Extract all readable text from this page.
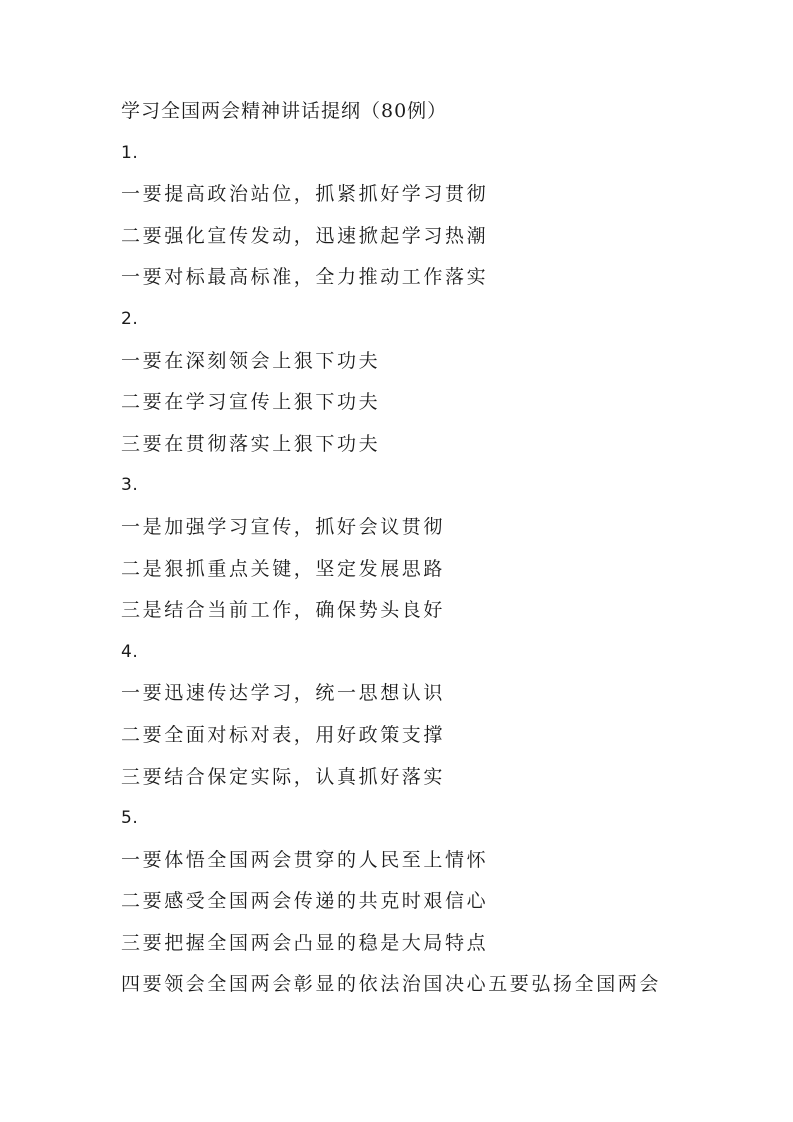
学习全国两会精神讲话提纲（80例）
1.
一要提高政治站位，抓紧抓好学习贯彻
二要强化宣传发动，迅速掀起学习热潮
一要对标最高标准，全力推动工作落实
2.
一要在深刻领会上狠下功夫
二要在学习宣传上狠下功夫
三要在贯彻落实上狠下功夫
3.
一是加强学习宣传，抓好会议贯彻
二是狠抓重点关键，坚定发展思路
三是结合当前工作，确保势头良好
4.
一要迅速传达学习，统一思想认识
二要全面对标对表，用好政策支撑
三要结合保定实际，认真抓好落实
5.
一要体悟全国两会贯穿的人民至上情怀
二要感受全国两会传递的共克时艰信心
三要把握全国两会凸显的稳是大局特点
四要领会全国两会彰显的依法治国决心五要弘扬全国两会
